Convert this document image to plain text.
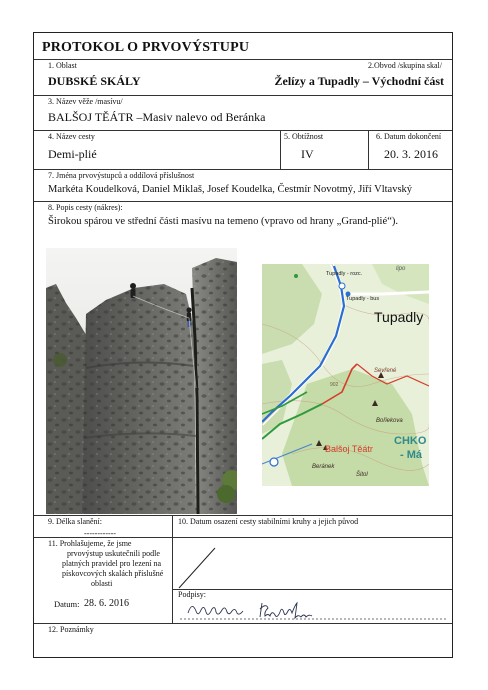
PROTOKOL O PRVOVÝSTUPU
1. Oblast	2.Obvod /skupina skal/
DUBSKÉ SKÁLY	Želízy a Tupadly – Východní část
3. Název věže /masívu/
BALŠOJ TĚÁTR –Masiv nalevo od Beránka
4. Název cesty	5. Obtížnost	6. Datum dokončení
Demi-plié	IV	20. 3. 2016
7. Jména prvovýstupců a oddílová příslušnost
Markéta Koudelková, Daniel Miklaš, Josef Koudelka, Čestmír Novotmý, Jiří Vltavský
8. Popis cesty (nákres):
Širokou spárou ve střední části masívu na temeno (vpravo od hrany „Grand-plié“).
Tupadly - rozc.
Tupadly - bus
lipo
Tupadly
Sevřené
902
Bořiekova
Balšoj Těátr
CHKO
- Má
Beránek
Šitol
9. Délka slanění:
------------
10. Datum osazení cesty stabilními kruhy a jejich původ
11. Prohlašujeme, že jsme
prvovýstup uskutečnili podle
platných pravidel pro lezení na
pískovcových skalách příslušné
oblasti
Datum: 28. 6. 2016
Podpisy:
12. Poznámky
